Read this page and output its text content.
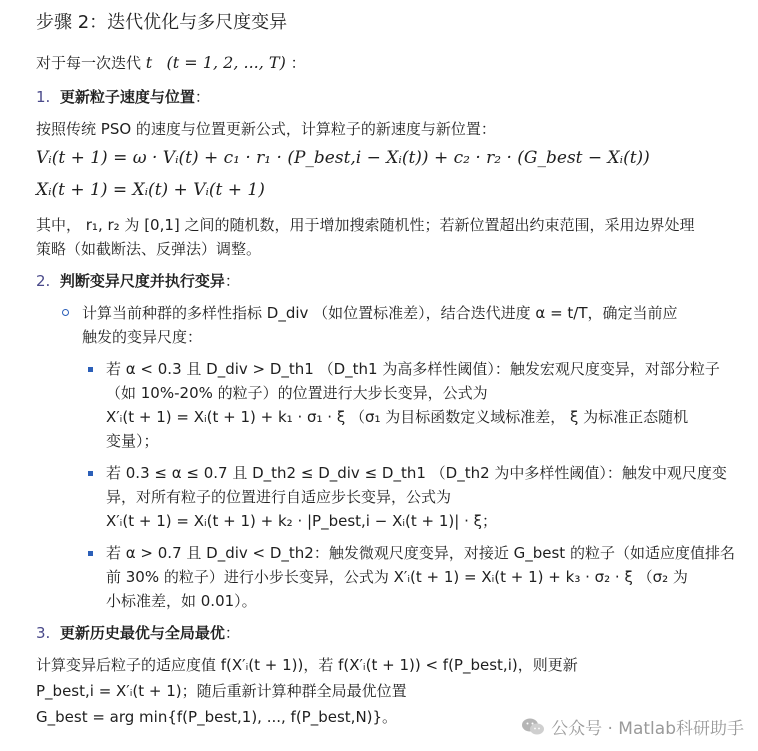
步骤 2：迭代优化与多尺度变异
对于每一次迭代 t (t = 1, 2, ..., T) ：
1. 更新粒子速度与位置：
按照传统 PSO 的速度与位置更新公式，计算粒子的新速度与新位置：
Vᵢ(t + 1) = ω · Vᵢ(t) + c₁ · r₁ · (P_best,i − Xᵢ(t)) + c₂ · r₂ · (G_best − Xᵢ(t))
Xᵢ(t + 1) = Xᵢ(t) + Vᵢ(t + 1)
其中， r₁, r₂ 为 [0,1] 之间的随机数，用于增加搜索随机性；若新位置超出约束范围，采用边界处理
策略（如截断法、反弹法）调整。
2. 判断变异尺度并执行变异：
计算当前种群的多样性指标 D_div （如位置标准差），结合迭代进度 α = t/T，确定当前应
触发的变异尺度：
若 α < 0.3 且 D_div > D_th1 （D_th1 为高多样性阈值）：触发宏观尺度变异，对部分粒子
（如 10%-20% 的粒子）的位置进行大步长变异，公式为
X′ᵢ(t + 1) = Xᵢ(t + 1) + k₁ · σ₁ · ξ （σ₁ 为目标函数定义域标准差， ξ 为标准正态随机
变量）；
若 0.3 ≤ α ≤ 0.7 且 D_th2 ≤ D_div ≤ D_th1 （D_th2 为中多样性阈值）：触发中观尺度变
异，对所有粒子的位置进行自适应步长变异，公式为
X′ᵢ(t + 1) = Xᵢ(t + 1) + k₂ · |P_best,i − Xᵢ(t + 1)| · ξ；
若 α > 0.7 且 D_div < D_th2：触发微观尺度变异，对接近 G_best 的粒子（如适应度值排名
前 30% 的粒子）进行小步长变异，公式为 X′ᵢ(t + 1) = Xᵢ(t + 1) + k₃ · σ₂ · ξ （σ₂ 为
小标准差，如 0.01）。
3. 更新历史最优与全局最优：
计算变异后粒子的适应度值 f(X′ᵢ(t + 1))，若 f(X′ᵢ(t + 1)) < f(P_best,i)，则更新
P_best,i = X′ᵢ(t + 1)；随后重新计算种群全局最优位置
G_best = arg min{f(P_best,1), ..., f(P_best,N)}。
公众号 · Matlab科研助手
